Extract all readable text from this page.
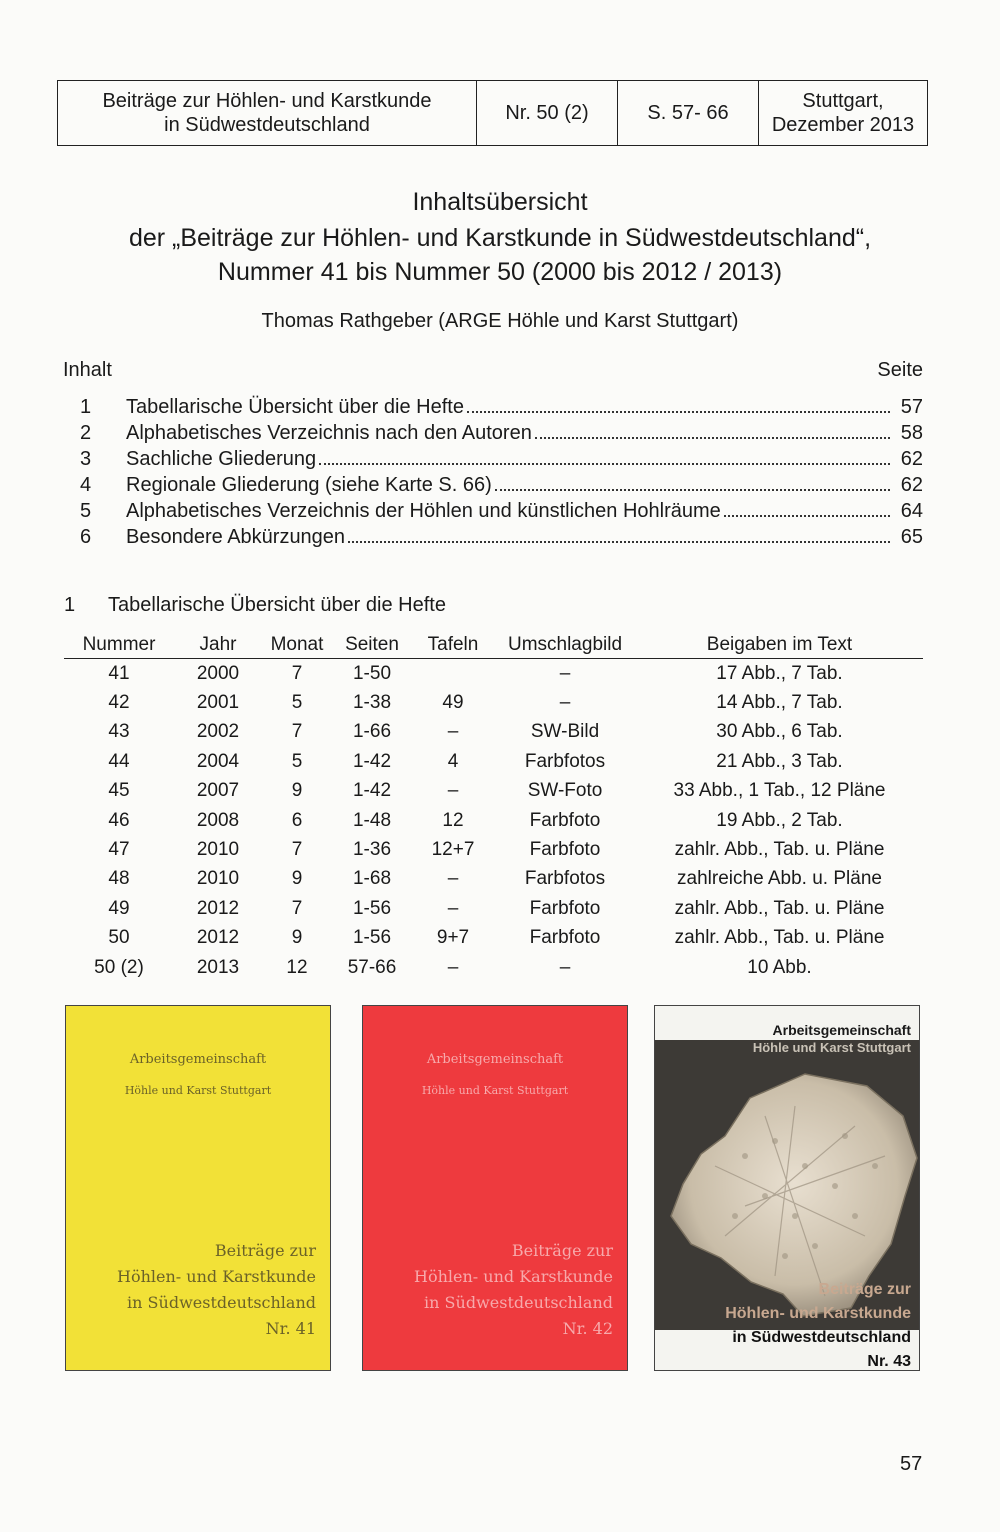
Beiträge zur Höhlen- und Karstkunde
in Südwestdeutschland
Nr. 50 (2)	S. 57- 66
Stuttgart,
Dezember 2013
Inhaltsübersicht
der „Beiträge zur Höhlen- und Karstkunde in Südwestdeutschland“,
Nummer 41 bis Nummer 50 (2000 bis 2012 / 2013)
Thomas Rathgeber (ARGE Höhle und Karst Stuttgart)
Inhalt	Seite
1	Tabellarische Übersicht über die Hefte	57
2	Alphabetisches Verzeichnis nach den Autoren	58
3	Sachliche Gliederung	62
4	Regionale Gliederung (siehe Karte S. 66)	62
5	Alphabetisches Verzeichnis der Höhlen und künstlichen Hohlräume	64
6	Besondere Abkürzungen	65
1 Tabellarische Übersicht über die Hefte
Nummer	Jahr	Monat	Seiten	Tafeln	Umschlagbild	Beigaben im Text
41	2000	7	1-50		–	17 Abb., 7 Tab.
42	2001	5	1-38	49	–	14 Abb., 7 Tab.
43	2002	7	1-66	–	SW-Bild	30 Abb., 6 Tab.
44	2004	5	1-42	4	Farbfotos	21 Abb., 3 Tab.
45	2007	9	1-42	–	SW-Foto	33 Abb., 1 Tab., 12 Pläne
46	2008	6	1-48	12	Farbfoto	19 Abb., 2 Tab.
47	2010	7	1-36	12+7	Farbfoto	zahlr. Abb., Tab. u. Pläne
48	2010	9	1-68	–	Farbfotos	zahlreiche Abb. u. Pläne
49	2012	7	1-56	–	Farbfoto	zahlr. Abb., Tab. u. Pläne
50	2012	9	1-56	9+7	Farbfoto	zahlr. Abb., Tab. u. Pläne
50 (2)	2013	12	57-66	–	–	10 Abb.
Arbeitsgemeinschaft
Höhle und Karst Stuttgart
Beiträge zur
Höhlen- und Karstkunde
in Südwestdeutschland
Nr. 41
Arbeitsgemeinschaft
Höhle und Karst Stuttgart
Beiträge zur
Höhlen- und Karstkunde
in Südwestdeutschland
Nr. 42
Arbeitsgemeinschaft
Höhle und Karst Stuttgart
Beiträge zur
Höhlen- und Karstkunde
in Südwestdeutschland
Nr. 43
57
